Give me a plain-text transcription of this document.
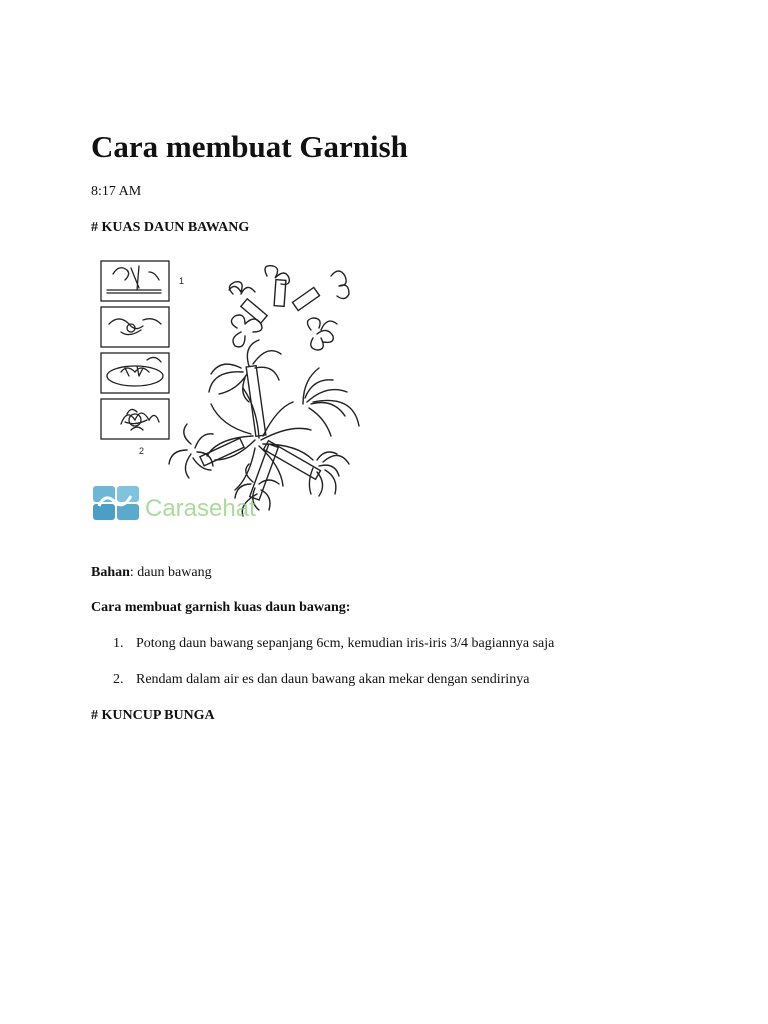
Cara membuat Garnish
8:17 AM
# KUAS DAUN BAWANG
1
2
Carasehat
Bahan: daun bawang
Cara membuat garnish kuas daun bawang:
1. Potong daun bawang sepanjang 6cm, kemudian iris-iris 3/4 bagiannya saja
2. Rendam dalam air es dan daun bawang akan mekar dengan sendirinya
# KUNCUP BUNGA
